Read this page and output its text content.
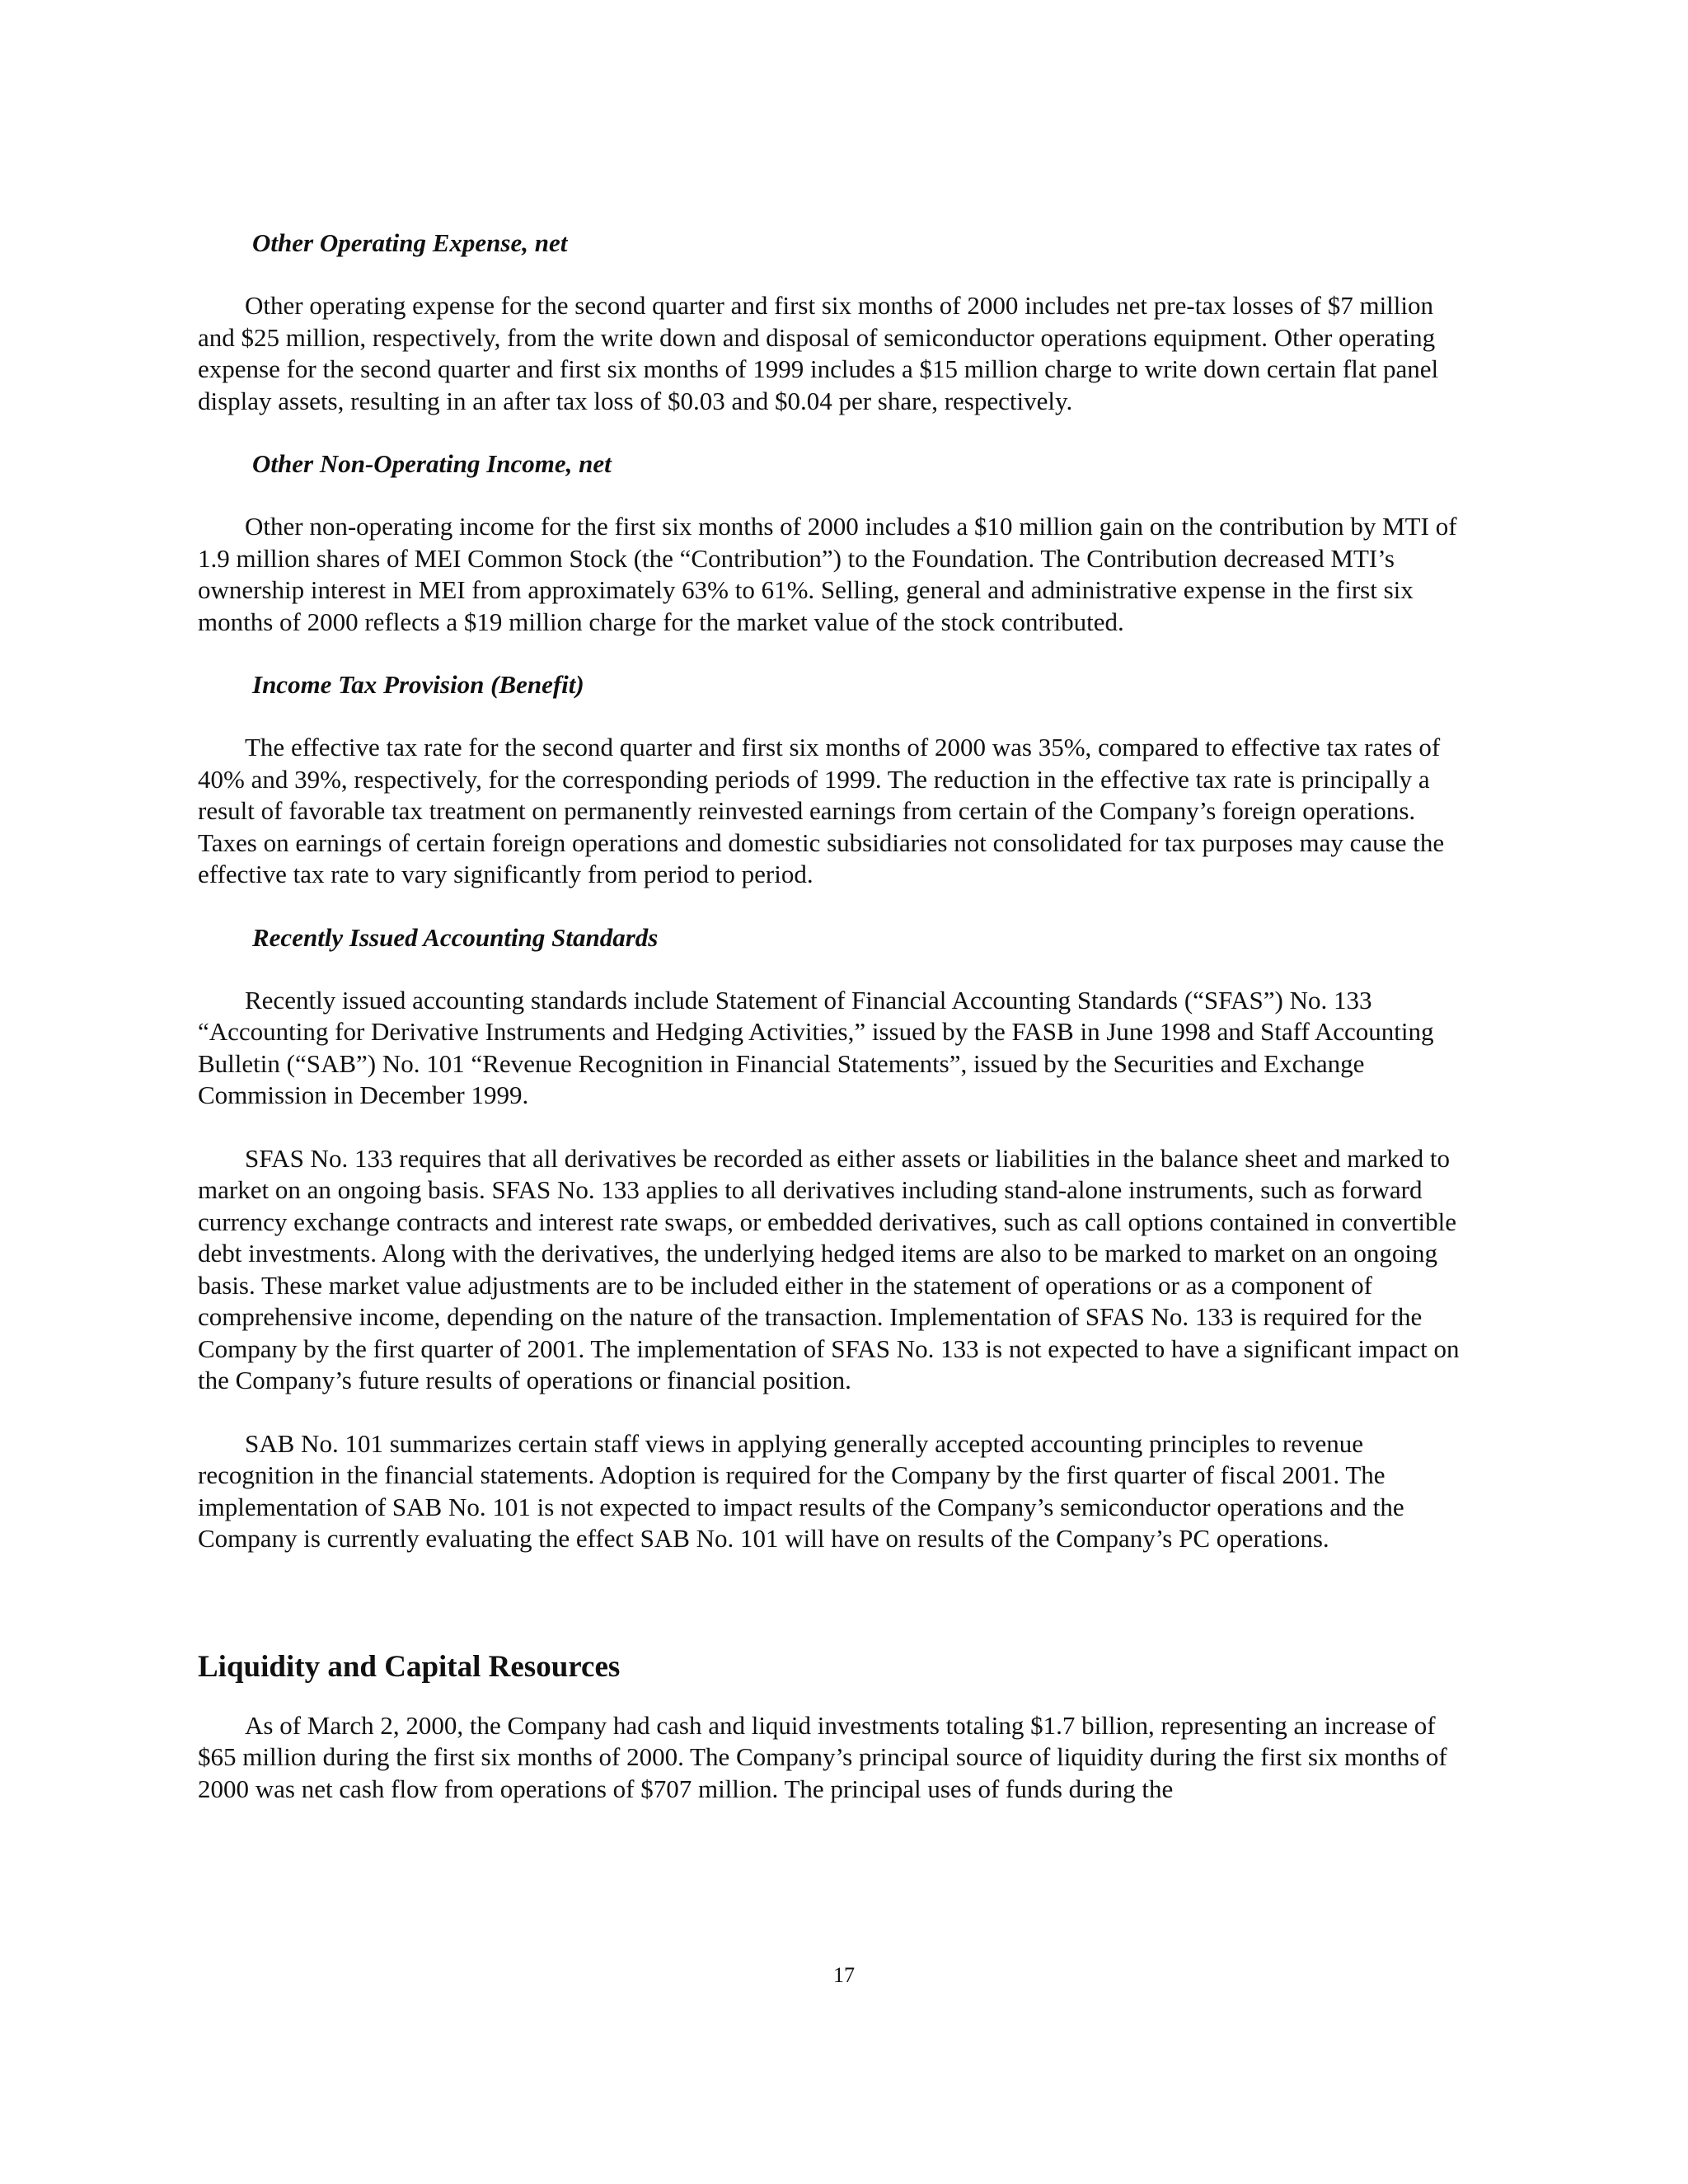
Other Operating Expense, net

Other operating expense for the second quarter and first six months of 2000 includes net pre-tax losses of $7 million and $25 million, respectively, from the write down and disposal of semiconductor operations equipment. Other operating expense for the second quarter and first six months of 1999 includes a $15 million charge to write down certain flat panel display assets, resulting in an after tax loss of $0.03 and $0.04 per share, respectively.

Other Non-Operating Income, net

Other non-operating income for the first six months of 2000 includes a $10 million gain on the contribution by MTI of 1.9 million shares of MEI Common Stock (the “Contribution”) to the Foundation. The Contribution decreased MTI’s ownership interest in MEI from approximately 63% to 61%. Selling, general and administrative expense in the first six months of 2000 reflects a $19 million charge for the market value of the stock contributed.

Income Tax Provision (Benefit)

The effective tax rate for the second quarter and first six months of 2000 was 35%, compared to effective tax rates of 40% and 39%, respectively, for the corresponding periods of 1999. The reduction in the effective tax rate is principally a result of favorable tax treatment on permanently reinvested earnings from certain of the Company’s foreign operations. Taxes on earnings of certain foreign operations and domestic subsidiaries not consolidated for tax purposes may cause the effective tax rate to vary significantly from period to period.

Recently Issued Accounting Standards

Recently issued accounting standards include Statement of Financial Accounting Standards (“SFAS”) No. 133 “Accounting for Derivative Instruments and Hedging Activities,” issued by the FASB in June 1998 and Staff Accounting Bulletin (“SAB”) No. 101 “Revenue Recognition in Financial Statements”, issued by the Securities and Exchange Commission in December 1999.

SFAS No. 133 requires that all derivatives be recorded as either assets or liabilities in the balance sheet and marked to market on an ongoing basis. SFAS No. 133 applies to all derivatives including stand-alone instruments, such as forward currency exchange contracts and interest rate swaps, or embedded derivatives, such as call options contained in convertible debt investments. Along with the derivatives, the underlying hedged items are also to be marked to market on an ongoing basis. These market value adjustments are to be included either in the statement of operations or as a component of comprehensive income, depending on the nature of the transaction. Implementation of SFAS No. 133 is required for the Company by the first quarter of 2001. The implementation of SFAS No. 133 is not expected to have a significant impact on the Company’s future results of operations or financial position.

SAB No. 101 summarizes certain staff views in applying generally accepted accounting principles to revenue recognition in the financial statements. Adoption is required for the Company by the first quarter of fiscal 2001. The implementation of SAB No. 101 is not expected to impact results of the Company’s semiconductor operations and the Company is currently evaluating the effect SAB No. 101 will have on results of the Company’s PC operations.

Liquidity and Capital Resources

As of March 2, 2000, the Company had cash and liquid investments totaling $1.7 billion, representing an increase of $65 million during the first six months of 2000. The Company’s principal source of liquidity during the first six months of 2000 was net cash flow from operations of $707 million. The principal uses of funds during the

17
